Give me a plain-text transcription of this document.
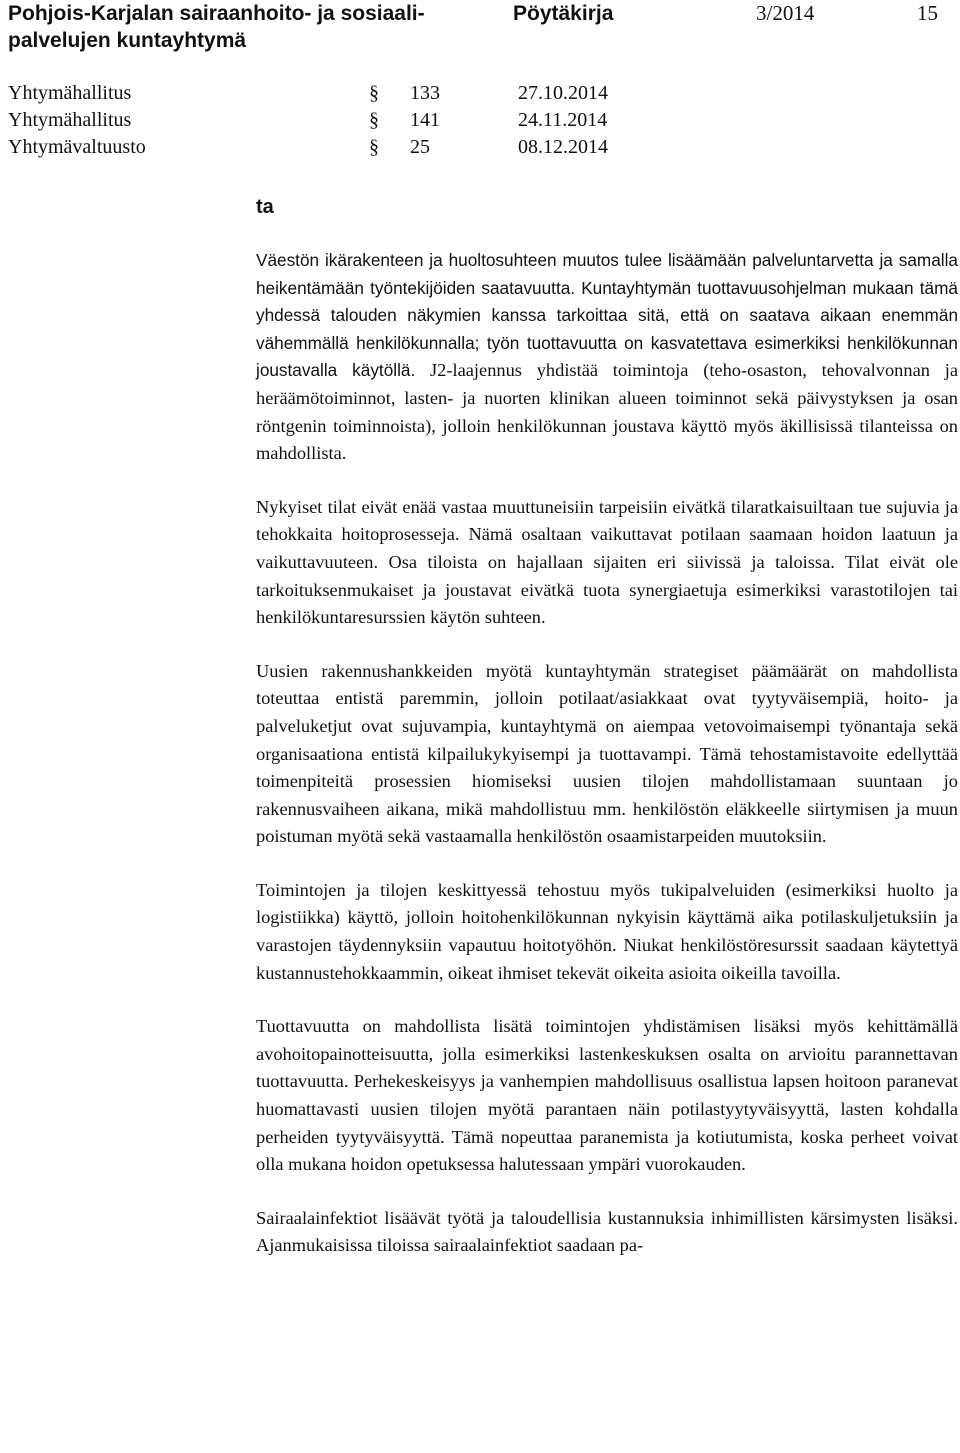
Pohjois-Karjalan sairaanhoito- ja sosiaali-palvelujen kuntayhtymä
Pöytäkirja	3/2014	15
Yhtymähallitus	§ 133	27.10.2014
Yhtymähallitus	§ 141	24.11.2014
Yhtymävaltuusto	§ 25	08.12.2014
ta

Väestön ikärakenteen ja huoltosuhteen muutos tulee lisäämään palveluntarvetta ja samalla heikentämään työntekijöiden saatavuutta. Kuntayhtymän tuottavuusohjelman mukaan tämä yhdessä talouden näkymien kanssa tarkoittaa sitä, että on saatava aikaan enemmän vähemmällä henkilökunnalla; työn tuottavuutta on kasvatettava esimerkiksi henkilökunnan joustavalla käytöllä. J2-laajennus yhdistää toimintoja (teho-osaston, tehovalvonnan ja heräämötoiminnot, lasten- ja nuorten klinikan alueen toiminnot sekä päivystyksen ja osan röntgenin toiminnoista), jolloin henkilökunnan joustava käyttö myös äkillisissä tilanteissa on mahdollista.

Nykyiset tilat eivät enää vastaa muuttuneisiin tarpeisiin eivätkä tilaratkaisuiltaan tue sujuvia ja tehokkaita hoitoprosesseja. Nämä osaltaan vaikuttavat potilaan saamaan hoidon laatuun ja vaikuttavuuteen. Osa tiloista on hajallaan sijaiten eri siivissä ja taloissa. Tilat eivät ole tarkoituksenmukaiset ja joustavat eivätkä tuota synergiaetuja esimerkiksi varastotilojen tai henkilökuntaresurssien käytön suhteen.

Uusien rakennushankkeiden myötä kuntayhtymän strategiset päämäärät on mahdollista toteuttaa entistä paremmin, jolloin potilaat/asiakkaat ovat tyytyväisempiä, hoito- ja palveluketjut ovat sujuvampia, kuntayhtymä on aiempaa vetovoimaisempi työnantaja sekä organisaationa entistä kilpailukykyisempi ja tuottavampi. Tämä tehostamistavoite edellyttää toimenpiteitä prosessien hiomiseksi uusien tilojen mahdollistamaan suuntaan jo rakennusvaiheen aikana, mikä mahdollistuu mm. henkilöstön eläkkeelle siirtymisen ja muun poistuman myötä sekä vastaamalla henkilöstön osaamistarpeiden muutoksiin.

Toimintojen ja tilojen keskittyessä tehostuu myös tukipalveluiden (esimerkiksi huolto ja logistiikka) käyttö, jolloin hoitohenkilökunnan nykyisin käyttämä aika potilaskuljetuksiin ja varastojen täydennyksiin vapautuu hoitotyöhön. Niukat henkilöstöresurssit saadaan käytettyä kustannustehokkaammin, oikeat ihmiset tekevät oikeita asioita oikeilla tavoilla.

Tuottavuutta on mahdollista lisätä toimintojen yhdistämisen lisäksi myös kehittämällä avohoitopainotteisuutta, jolla esimerkiksi lastenkeskuksen osalta on arvioitu parannettavan tuottavuutta. Perhekeskeisyys ja vanhempien mahdollisuus osallistua lapsen hoitoon paranevat huomattavasti uusien tilojen myötä parantaen näin potilastyytyväisyyttä, lasten kohdalla perheiden tyytyväisyyttä. Tämä nopeuttaa paranemista ja kotiutumista, koska perheet voivat olla mukana hoidon opetuksessa halutessaan ympäri vuorokauden.

Sairaalainfektiot lisäävät työtä ja taloudellisia kustannuksia inhimillisten kärsimysten lisäksi. Ajanmukaisissa tiloissa sairaalainfektiot saadaan pa-
